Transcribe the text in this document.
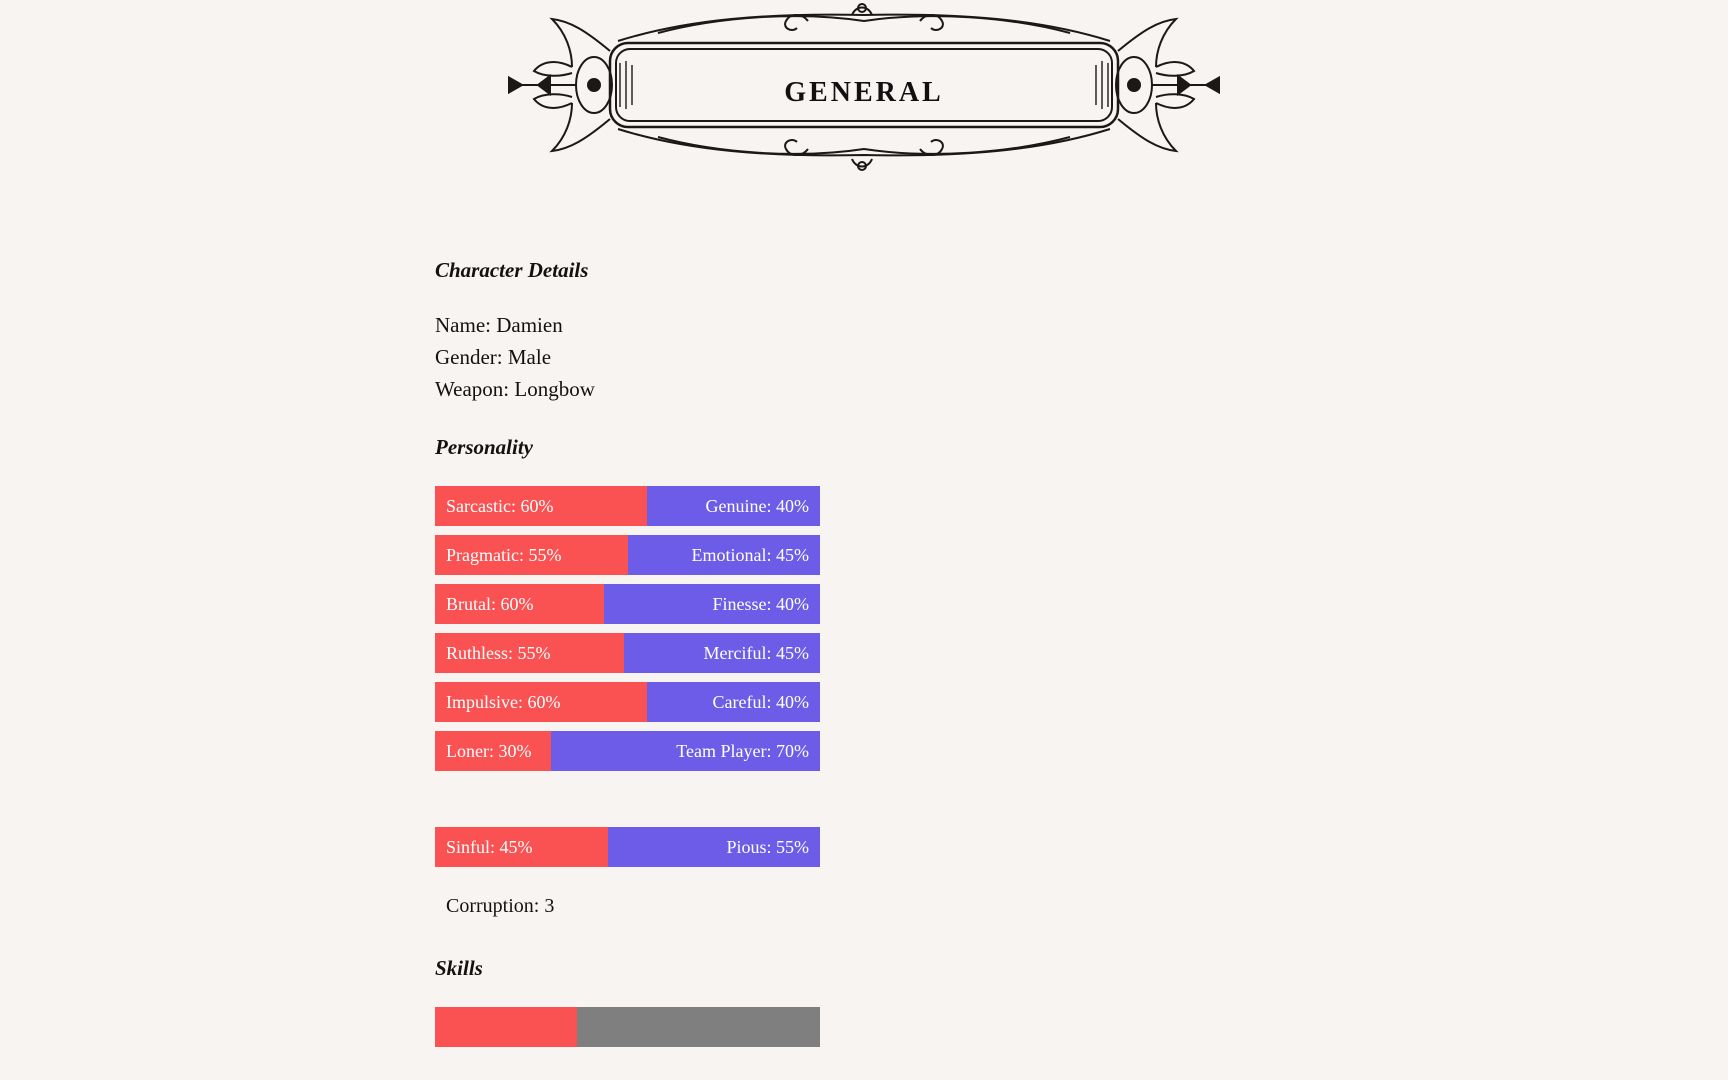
general
Character Details
Name: Damien
Gender: Male
Weapon: Longbow
Personality
Sarcastic: 60%	Genuine: 40%
Pragmatic: 55%	Emotional: 45%
Brutal: 60%	Finesse: 40%
Ruthless: 55%	Merciful: 45%
Impulsive: 60%	Careful: 40%
Loner: 30%	Team Player: 70%
Sinful: 45%	Pious: 55%
Corruption: 3
Skills
